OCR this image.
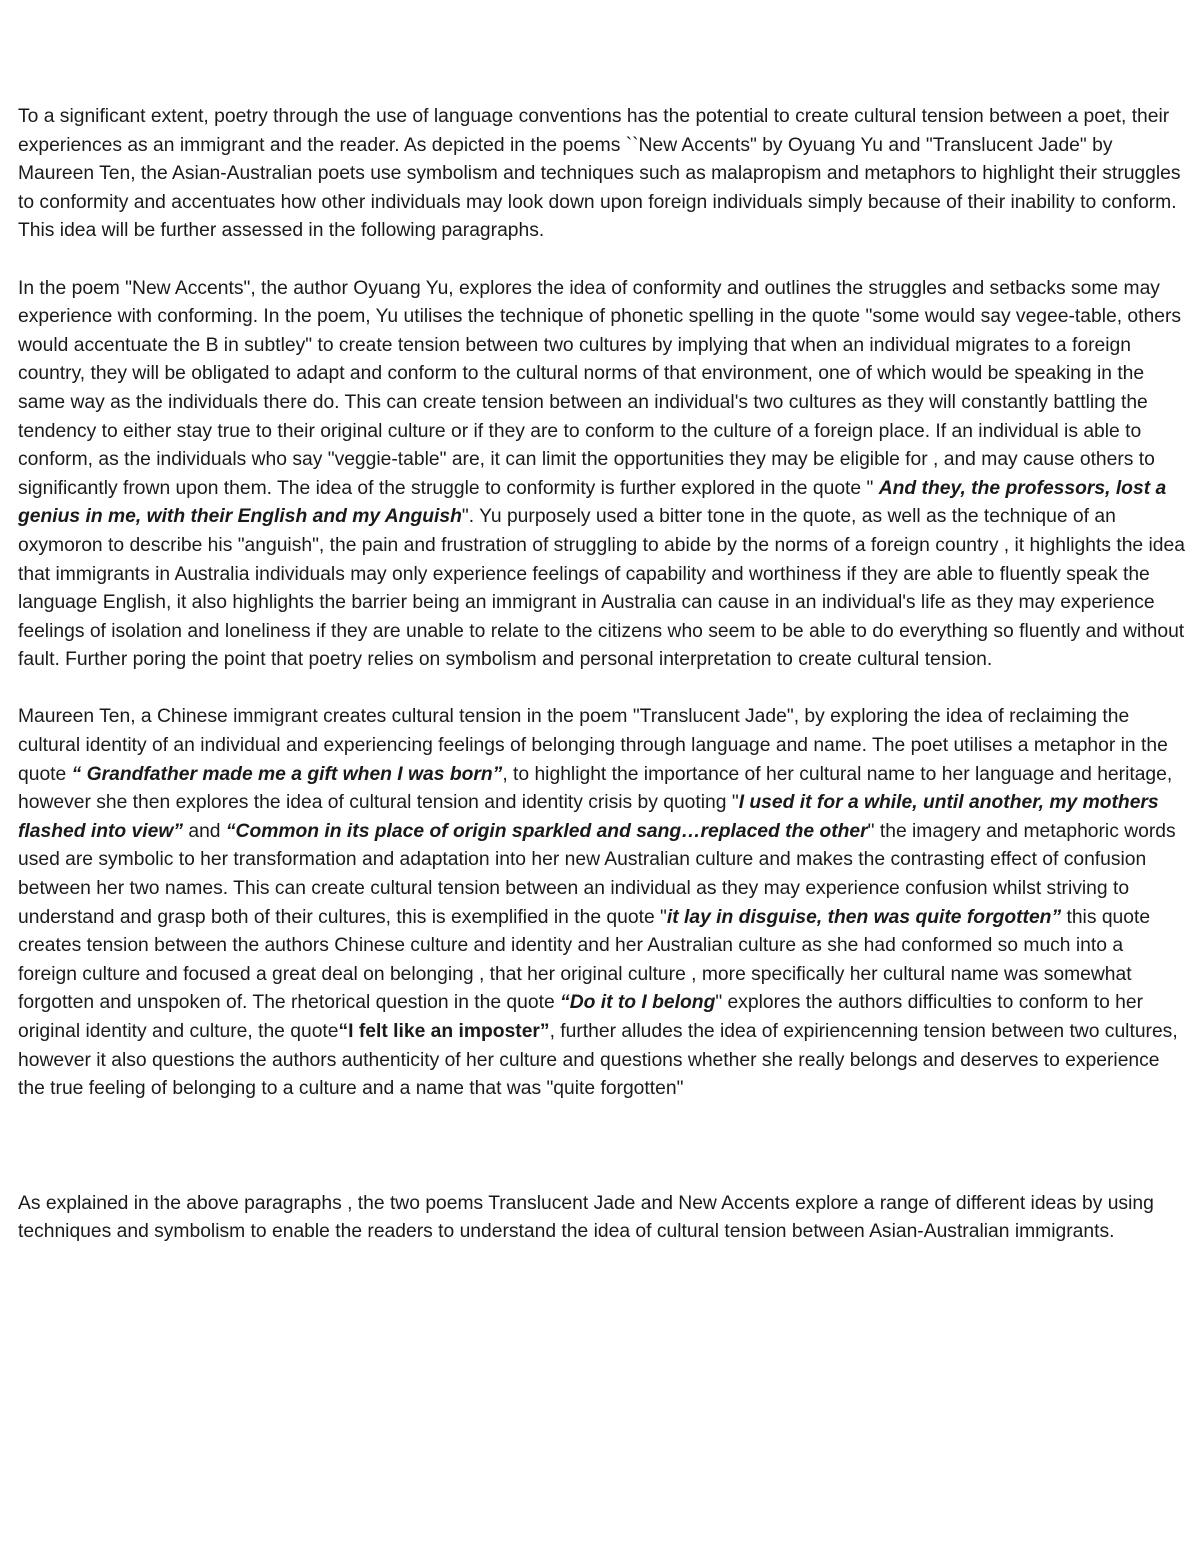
To a significant extent, poetry through the use of language conventions has the potential to create cultural tension between a poet, their experiences as an immigrant and the reader. As depicted in the poems ``New Accents" by Oyuang Yu and "Translucent Jade" by Maureen Ten, the Asian-Australian poets use symbolism and techniques such as malapropism and metaphors to highlight their struggles to conformity and accentuates how other individuals may look down upon foreign individuals simply because of their inability to conform. This idea will be further assessed in the following paragraphs.

In the poem "New Accents", the author Oyuang Yu, explores the idea of conformity and outlines the struggles and setbacks some may experience with conforming. In the poem, Yu utilises the technique of phonetic spelling in the quote "some would say vegee-table, others would accentuate the B in subtley" to create tension between two cultures by implying that when an individual migrates to a foreign country, they will be obligated to adapt and conform to the cultural norms of that environment, one of which would be speaking in the same way as the individuals there do. This can create tension between an individual's two cultures as they will constantly battling the tendency to either stay true to their original culture or if they are to conform to the culture of a foreign place. If an individual is able to conform, as the individuals who say "veggie-table" are, it can limit the opportunities they may be eligible for , and may cause others to significantly frown upon them. The idea of the struggle to conformity is further explored in the quote " And they, the professors, lost a genius in me, with their English and my Anguish". Yu purposely used a bitter tone in the quote, as well as the technique of an oxymoron to describe his "anguish", the pain and frustration of struggling to abide by the norms of a foreign country , it highlights the idea that immigrants in Australia individuals may only experience feelings of capability and worthiness if they are able to fluently speak the language English, it also highlights the barrier being an immigrant in Australia can cause in an individual's life as they may experience feelings of isolation and loneliness if they are unable to relate to the citizens who seem to be able to do everything so fluently and without fault. Further poring the point that poetry relies on symbolism and personal interpretation to create cultural tension.

Maureen Ten, a Chinese immigrant creates cultural tension in the poem "Translucent Jade", by exploring the idea of reclaiming the cultural identity of an individual and experiencing feelings of belonging through language and name. The poet utilises a metaphor in the quote “ Grandfather made me a gift when I was born”, to highlight the importance of her cultural name to her language and heritage, however she then explores the idea of cultural tension and identity crisis by quoting "I used it for a while, until another, my mothers flashed into view” and “Common in its place of origin sparkled and sang…replaced the other" the imagery and metaphoric words used are symbolic to her transformation and adaptation into her new Australian culture and makes the contrasting effect of confusion between her two names. This can create cultural tension between an individual as they may experience confusion whilst striving to understand and grasp both of their cultures, this is exemplified in the quote "it lay in disguise, then was quite forgotten” this quote creates tension between the authors Chinese culture and identity and her Australian culture as she had conformed so much into a foreign culture and focused a great deal on belonging , that her original culture , more specifically her cultural name was somewhat forgotten and unspoken of. The rhetorical question in the quote “Do it to I belong" explores the authors difficulties to conform to her original identity and culture, the quote“I felt like an imposter”, further alludes the idea of expiriencenning tension between two cultures, however it also questions the authors authenticity of her culture and questions whether she really belongs and deserves to experience the true feeling of belonging to a culture and a name that was "quite forgotten"

As explained in the above paragraphs , the two poems Translucent Jade and New Accents explore a range of different ideas by using techniques and symbolism to enable the readers to understand the idea of cultural tension between Asian-Australian immigrants.
